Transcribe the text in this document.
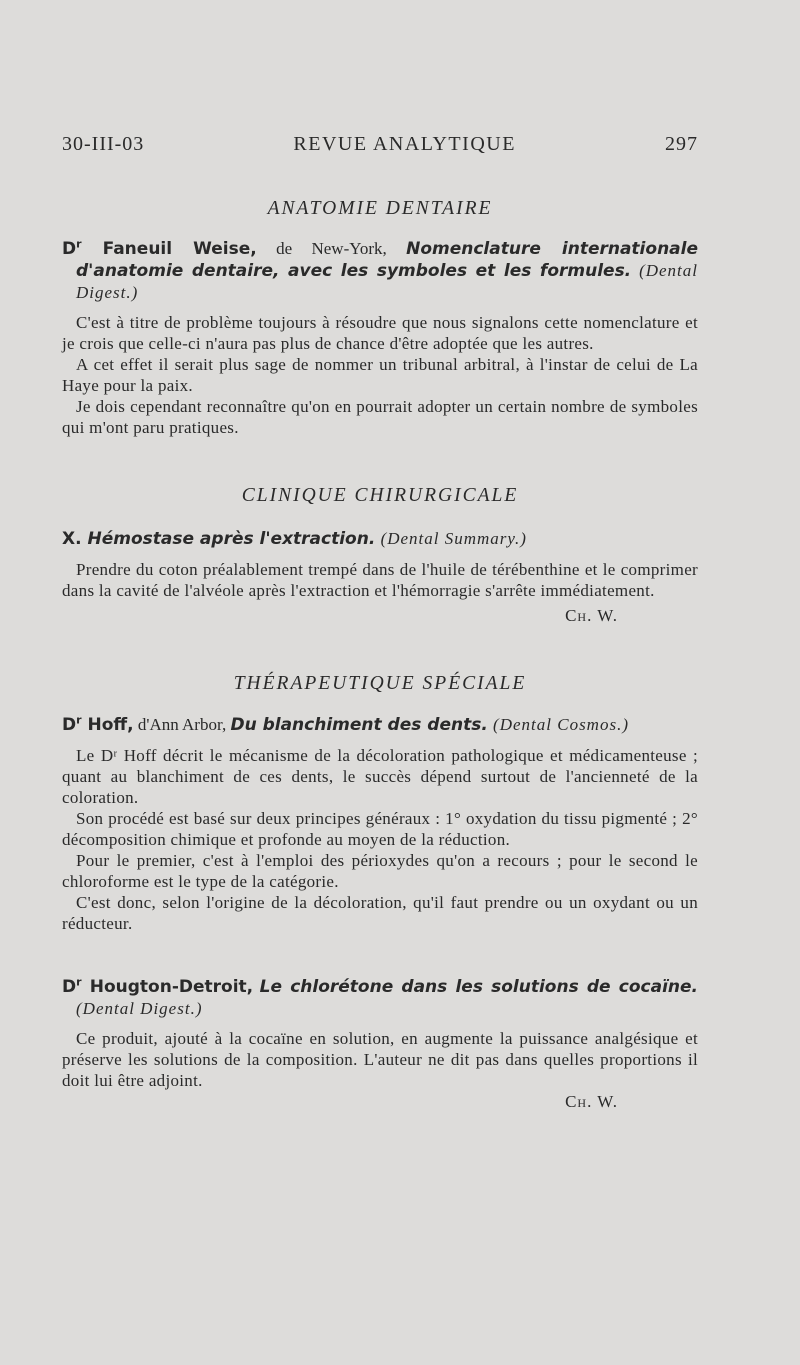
30-III-03	REVUE ANALYTIQUE	297
ANATOMIE DENTAIRE

$D^r$ Faneuil Weise, de New-York, Nomenclature internationale d'anatomie dentaire, avec les symboles et les formules. (Dental Digest.)

C'est à titre de problème toujours à résoudre que nous signalons cette nomenclature et je crois que celle-ci n'aura pas plus de chance d'être adoptée que les autres.

A cet effet il serait plus sage de nommer un tribunal arbitral, à l'instar de celui de La Haye pour la paix.

Je dois cependant reconnaître qu'on en pourrait adopter un certain nombre de symboles qui m'ont paru pratiques.

CLINIQUE CHIRURGICALE

X. Hémostase après l'extraction. (Dental Summary.)

Prendre du coton préalablement trempé dans de l'huile de térébenthine et le comprimer dans la cavité de l'alvéole après l'extraction et l'hémorragie s'arrête immédiatement.

Ch. W.

THÉRAPEUTIQUE SPÉCIALE

$D^r$ Hoff, d'Ann Arbor, Du blanchiment des dents. (Dental Cosmos.)

Le Dʳ Hoff décrit le mécanisme de la décoloration pathologique et médicamenteuse ; quant au blanchiment de ces dents, le succès dépend surtout de l'ancienneté de la coloration.

Son procédé est basé sur deux principes généraux : 1° oxydation du tissu pigmenté ; 2° décomposition chimique et profonde au moyen de la réduction.

Pour le premier, c'est à l'emploi des périoxydes qu'on a recours ; pour le second le chloroforme est le type de la catégorie.

C'est donc, selon l'origine de la décoloration, qu'il faut prendre ou un oxydant ou un réducteur.

$D^r$ Hougton-Detroit, Le chlorétone dans les solutions de cocaïne. (Dental Digest.)

Ce produit, ajouté à la cocaïne en solution, en augmente la puissance analgésique et préserve les solutions de la composition. L'auteur ne dit pas dans quelles proportions il doit lui être adjoint.

Ch. W.
